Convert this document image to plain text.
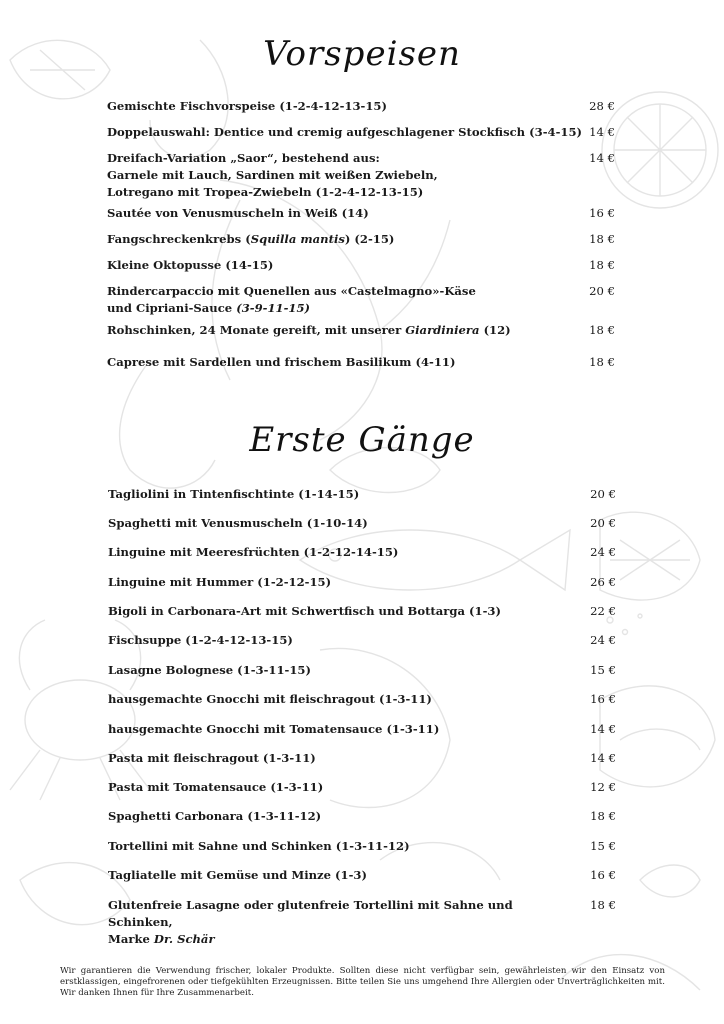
Vorspeisen
Gemischte Fischvorspeise (1-2-4-12-13-15)	28 €
Doppelauswahl: Dentice und cremig aufgeschlagener Stockfisch (3-4-15) 14 €
Dreifach-Variation „Saor“, bestehend aus:
Garnele mit Lauch, Sardinen mit weißen Zwiebeln,
Lotregano mit Tropea-Zwiebeln (1-2-4-12-13-15)
14 €
Sautée von Venusmuscheln in Weiß (14)	16 €
Fangschreckenkrebs (Squilla mantis) (2-15)	18 €
Kleine Oktopusse (14-15)	18 €
Rindercarpaccio mit Quenellen aus «Castelmagno»-Käse
und Cipriani-Sauce (3-9-11-15)
20 €
Rohschinken, 24 Monate gereift, mit unserer Giardiniera (12)	18 €
Caprese mit Sardellen und frischem Basilikum (4-11)	18 €
Erste Gänge
Tagliolini in Tintenfischtinte (1-14-15)	20 €
Spaghetti mit Venusmuscheln (1-10-14)	20 €
Linguine mit Meeresfrüchten (1-2-12-14-15)	24 €
Linguine mit Hummer (1-2-12-15)	26 €
Bigoli in Carbonara-Art mit Schwertfisch und Bottarga (1-3)	22 €
Fischsuppe (1-2-4-12-13-15)	24 €
Lasagne Bolognese (1-3-11-15)	15 €
hausgemachte Gnocchi mit fleischragout (1-3-11)	16 €
hausgemachte Gnocchi mit Tomatensauce (1-3-11)	14 €
Pasta mit fleischragout (1-3-11)	14 €
Pasta mit Tomatensauce (1-3-11)	12 €
Spaghetti Carbonara (1-3-11-12)	18 €
Tortellini mit Sahne und Schinken (1-3-11-12)	15 €
Tagliatelle mit Gemüse und Minze (1-3)	16 €
Glutenfreie Lasagne oder glutenfreie Tortellini mit Sahne und Schinken,
Marke Dr. Schär
18 €

Wir garantieren die Verwendung frischer, lokaler Produkte. Sollten diese nicht verfügbar sein, gewährleisten wir den Einsatz von erstklassigen, eingefrorenen oder tiefgekühlten Erzeugnissen. Bitte teilen Sie uns umgehend Ihre Allergien oder Unverträglichkeiten mit. Wir danken Ihnen für Ihre Zusammenarbeit.
